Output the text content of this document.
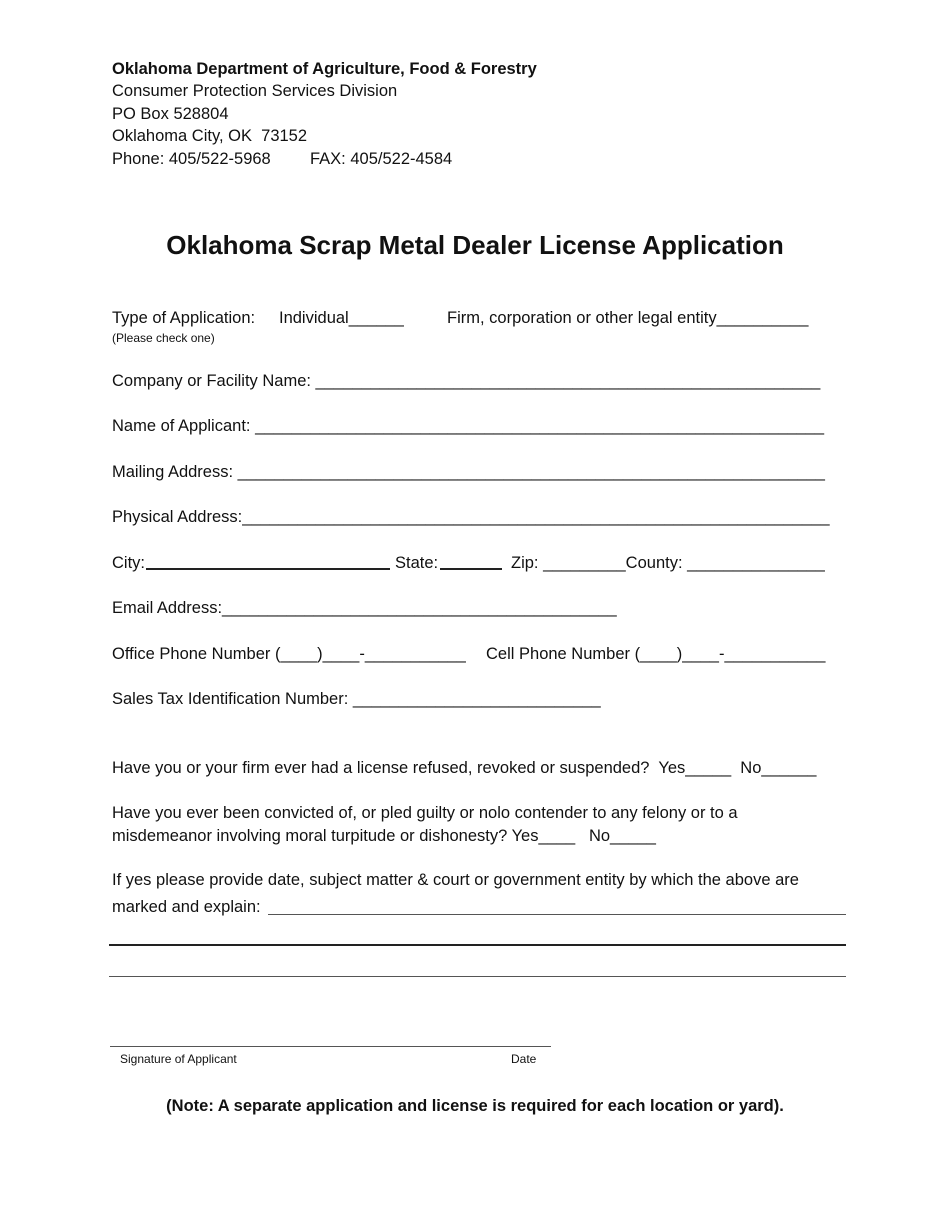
Oklahoma Department of Agriculture, Food & Forestry
Consumer Protection Services Division
PO Box 528804
Oklahoma City, OK  73152
Phone: 405/522-5968 FAX: 405/522-4584
Oklahoma Scrap Metal Dealer License Application
Type of Application: Individual______	Firm, corporation or other legal entity__________
(Please check one)
Company or Facility Name: _______________________________________________________
Name of Applicant: ______________________________________________________________
Mailing Address: ________________________________________________________________
Physical Address:________________________________________________________________
City:	State:	Zip: _________County: _______________
Email Address:___________________________________________
Office Phone Number (____)____-___________ Cell Phone Number (____)____-___________
Sales Tax Identification Number: ___________________________
Have you or your firm ever had a license refused, revoked or suspended?  Yes_____  No______
Have you ever been convicted of, or pled guilty or nolo contender to any felony or to a
misdemeanor involving moral turpitude or dishonesty? Yes____   No_____
If yes please provide date, subject matter & court or government entity by which the above are
marked and explain:
Signature of Applicant	Date
(Note: A separate application and license is required for each location or yard).
